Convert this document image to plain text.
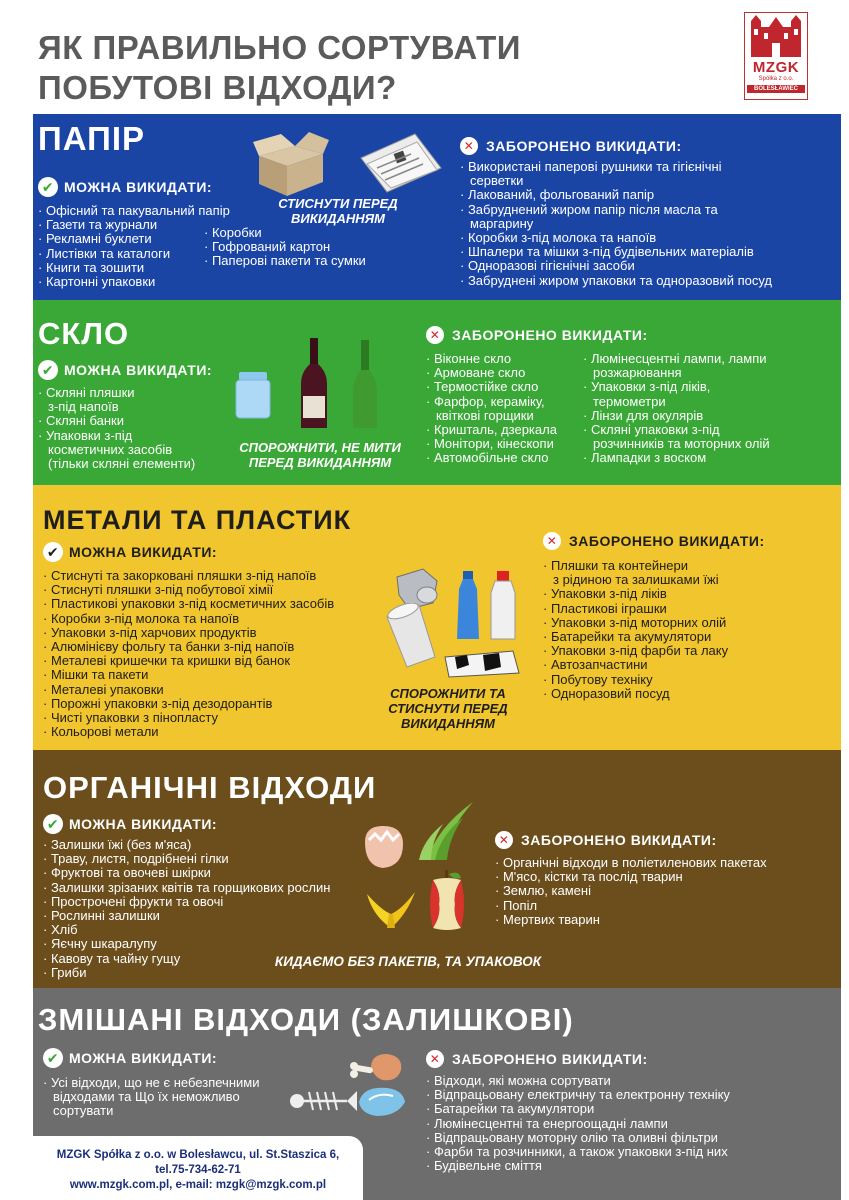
ЯК ПРАВИЛЬНО СОРТУВАТИ
ПОБУТОВІ ВІДХОДИ?
MZGK
Spółka z o.o.
BOLESŁAWIEC
ПАПІР
✔ МОЖНА ВИКИДАТИ:
· Офісний та пакувальний папір
· Газети та журнали
· Рекламні буклети
· Листівки та каталоги
· Книги та зошити
· Картонні упаковки
· Коробки
· Гофрований картон
· Паперові пакети та сумки
СТИСНУТИ ПЕРЕД
ВИКИДАННЯМ
✕ ЗАБОРОНЕНО ВИКИДАТИ:
· Використані паперові рушники та гігієнічні
серветки
· Лакований, фольгований папір
· Забруднений жиром папір після масла та
маргарину
· Коробки з-під молока та напоїв
· Шпалери та мішки з-під будівельних матеріалів
· Одноразові гігієнічні засоби
· Забруднені жиром упаковки та одноразовий посуд
СКЛО
✔ МОЖНА ВИКИДАТИ:
· Скляні пляшки
з-під напоїв
· Скляні банки
· Упаковки з-під
косметичних засобів
(тільки скляні елементи)
СПОРОЖНИТИ, НЕ МИТИ
ПЕРЕД ВИКИДАННЯМ
✕ ЗАБОРОНЕНО ВИКИДАТИ:
· Віконне скло
· Армоване скло
· Термостійке скло
· Фарфор, кераміку,
квіткові горщики
· Кришталь, дзеркала
· Монітори, кінескопи
· Автомобільне скло
· Люмінесцентні лампи, лампи
розжарювання
· Упаковки з-під ліків,
термометри
· Лінзи для окулярів
· Скляні упаковки з-під
розчинників та моторних олій
· Лампадки з воском
МЕТАЛИ ТА ПЛАСТИК
✔ МОЖНА ВИКИДАТИ:
· Стиснуті та закорковані пляшки з-під напоїв
· Стиснуті пляшки з-під побутової хімії
· Пластикові упаковки з-під косметичних засобів
· Коробки з-під молока та напоїв
· Упаковки з-під харчових продуктів
· Алюмінієву фольгу та банки з-під напоїв
· Металеві кришечки та кришки від банок
· Мішки та пакети
· Металеві упаковки
· Порожні упаковки з-під дезодорантів
· Чисті упаковки з пінопласту
· Кольорові метали
СПОРОЖНИТИ ТА
СТИСНУТИ ПЕРЕД
ВИКИДАННЯМ
✕ ЗАБОРОНЕНО ВИКИДАТИ:
· Пляшки та контейнери
з рідиною та залишками їжі
· Упаковки з-під ліків
· Пластикові іграшки
· Упаковки з-під моторних олій
· Батарейки та акумулятори
· Упаковки з-під фарби та лаку
· Автозапчастини
· Побутову техніку
· Одноразовий посуд
ОРГАНІЧНІ ВІДХОДИ
✔ МОЖНА ВИКИДАТИ:
· Залишки їжі (без м'яса)
· Траву, листя, подрібнені гілки
· Фруктові та овочеві шкірки
· Залишки зрізаних квітів та горщикових рослин
· Прострочені фрукти та овочі
· Рослинні залишки
· Хліб
· Яєчну шкаралупу
· Кавову та чайну гущу
· Гриби
КИДАЄМО БЕЗ ПАКЕТІВ, ТА УПАКОВОК
✕ ЗАБОРОНЕНО ВИКИДАТИ:
· Органічні відходи в поліетиленових пакетах
· М'ясо, кістки та послід тварин
· Землю, камені
· Попіл
· Мертвих тварин
ЗМІШАНІ ВІДХОДИ (ЗАЛИШКОВІ)
✔ МОЖНА ВИКИДАТИ:
· Усі відходи, що не є небезпечними
відходами та Що їх неможливо
сортувати
✕ ЗАБОРОНЕНО ВИКИДАТИ:
· Відходи, які можна сортувати
· Відпрацьовану електричну та електронну техніку
· Батарейки та акумулятори
· Люмінесцентні та енергоощадні лампи
· Відпрацьовану моторну олію та оливні фільтри
· Фарби та розчинники, а також упаковки з-під них
· Будівельне сміття
MZGK Spółka z o.o. w Bolesławcu, ul. St.Staszica 6,
tel.75-734-62-71
www.mzgk.com.pl, e-mail: mzgk@mzgk.com.pl
